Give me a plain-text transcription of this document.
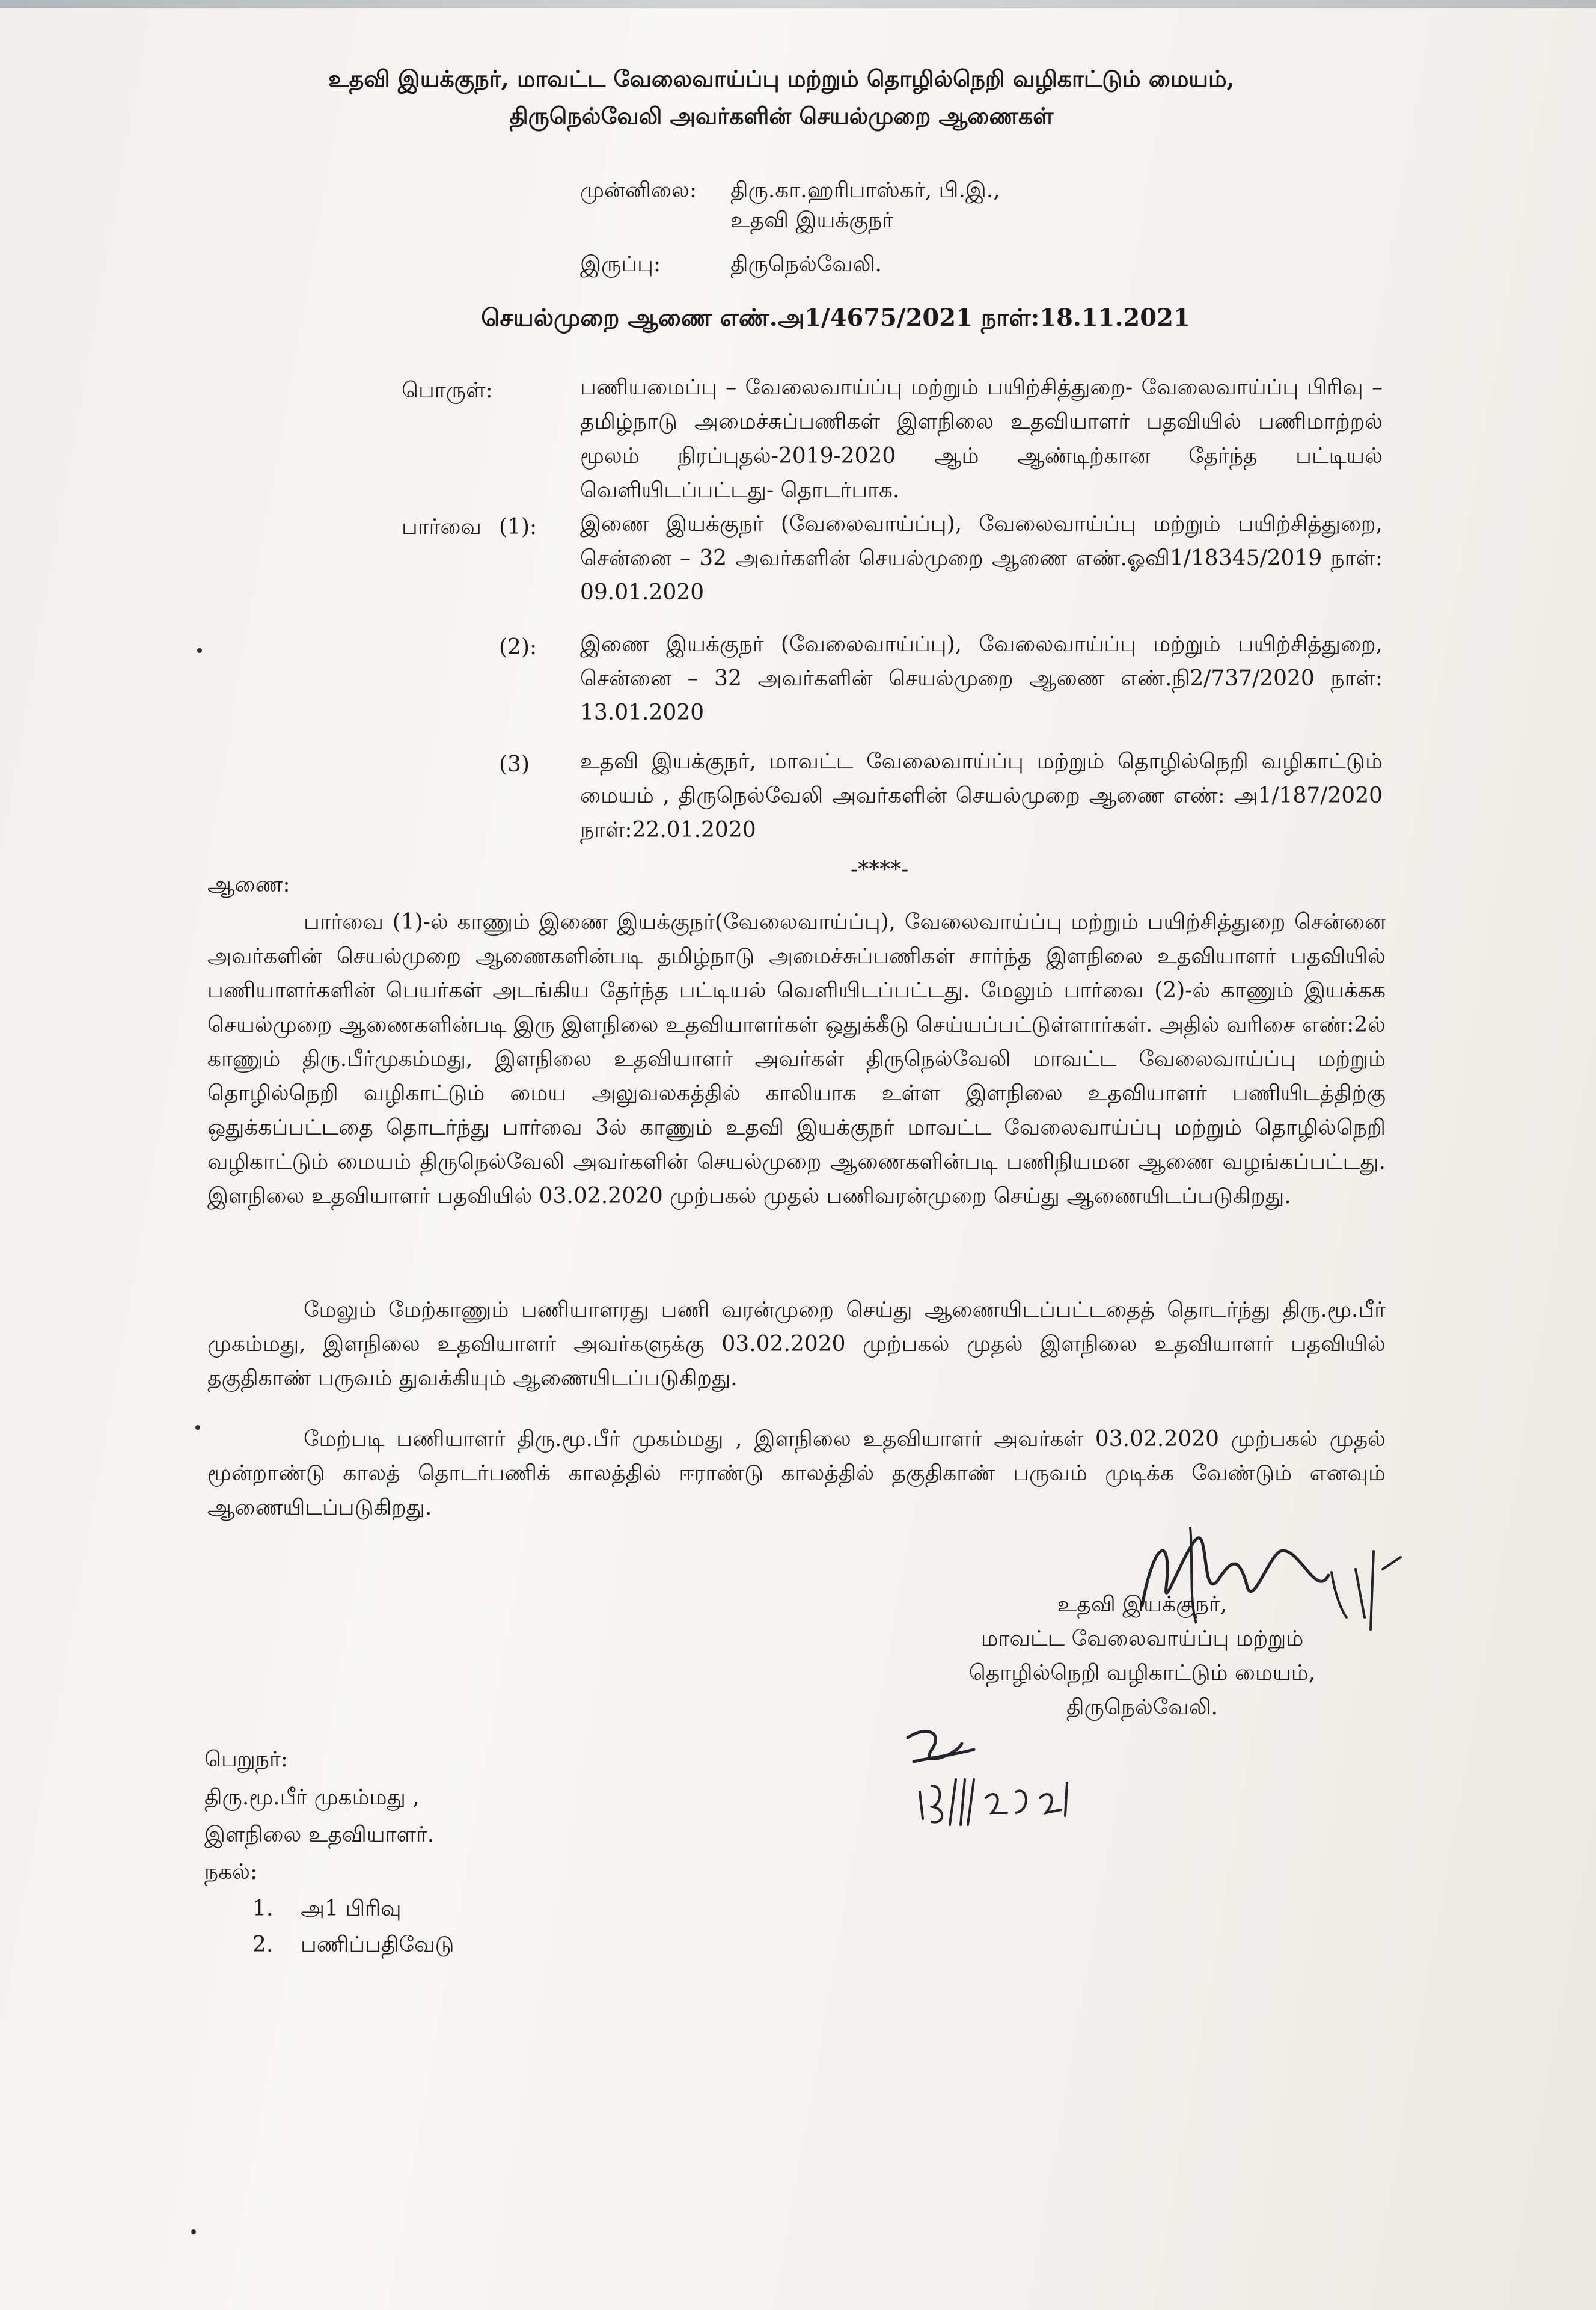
உதவி இயக்குநர், மாவட்ட வேலைவாய்ப்பு மற்றும் தொழில்நெறி வழிகாட்டும் மையம்,
திருநெல்வேலி அவர்களின் செயல்முறை ஆணைகள்
முன்னிலை: திரு.கா.ஹரிபாஸ்கர், பி.இ.,
உதவி இயக்குநர்
இருப்பு:	திருநெல்வேலி.
செயல்முறை ஆணை எண்.அ1/4675/2021 நாள்:18.11.2021
பொருள்:	பணியமைப்பு – வேலைவாய்ப்பு மற்றும் பயிற்சித்துறை- வேலைவாய்ப்பு பிரிவு – தமிழ்நாடு அமைச்சுப்பணிகள் இளநிலை உதவியாளர் பதவியில் பணிமாற்றல் மூலம் நிரப்புதல்-2019-2020 ஆம் ஆண்டிற்கான தேர்ந்த பட்டியல் வெளியிடப்பட்டது- தொடர்பாக.
பார்வை (1): இணை இயக்குநர் (வேலைவாய்ப்பு), வேலைவாய்ப்பு மற்றும் பயிற்சித்துறை, சென்னை – 32 அவர்களின் செயல்முறை ஆணை எண்.ஓவி1/18345/2019 நாள்: 09.01.2020
(2): இணை இயக்குநர் (வேலைவாய்ப்பு), வேலைவாய்ப்பு மற்றும் பயிற்சித்துறை, சென்னை – 32 அவர்களின் செயல்முறை ஆணை எண்.நி2/737/2020 நாள்: 13.01.2020
(3) உதவி இயக்குநர், மாவட்ட வேலைவாய்ப்பு மற்றும் தொழில்நெறி வழிகாட்டும் மையம் , திருநெல்வேலி அவர்களின் செயல்முறை ஆணை எண்: அ1/187/2020 நாள்:22.01.2020
-****-
ஆணை:
பார்வை (1)-ல் காணும் இணை இயக்குநர்(வேலைவாய்ப்பு), வேலைவாய்ப்பு மற்றும் பயிற்சித்துறை சென்னை அவர்களின் செயல்முறை ஆணைகளின்படி தமிழ்நாடு அமைச்சுப்பணிகள் சார்ந்த இளநிலை உதவியாளர் பதவியில் பணியாளர்களின் பெயர்கள் அடங்கிய தேர்ந்த பட்டியல் வெளியிடப்பட்டது. மேலும் பார்வை (2)-ல் காணும் இயக்கக செயல்முறை ஆணைகளின்படி இரு இளநிலை உதவியாளர்கள் ஒதுக்கீடு செய்யப்பட்டுள்ளார்கள். அதில் வரிசை எண்:2ல் காணும் திரு.பீர்முகம்மது, இளநிலை உதவியாளர் அவர்கள் திருநெல்வேலி மாவட்ட வேலைவாய்ப்பு மற்றும் தொழில்நெறி வழிகாட்டும் மைய அலுவலகத்தில் காலியாக உள்ள இளநிலை உதவியாளர் பணியிடத்திற்கு ஒதுக்கப்பட்டதை தொடர்ந்து பார்வை 3ல் காணும் உதவி இயக்குநர் மாவட்ட வேலைவாய்ப்பு மற்றும் தொழில்நெறி வழிகாட்டும் மையம் திருநெல்வேலி அவர்களின் செயல்முறை ஆணைகளின்படி பணிநியமன ஆணை வழங்கப்பட்டது. இளநிலை உதவியாளர் பதவியில் 03.02.2020 முற்பகல் முதல் பணிவரன்முறை செய்து ஆணையிடப்படுகிறது.
மேலும் மேற்காணும் பணியாளரது பணி வரன்முறை செய்து ஆணையிடப்பட்டதைத் தொடர்ந்து திரு.மூ.பீர் முகம்மது, இளநிலை உதவியாளர் அவர்களுக்கு 03.02.2020 முற்பகல் முதல் இளநிலை உதவியாளர் பதவியில் தகுதிகாண் பருவம் துவக்கியும் ஆணையிடப்படுகிறது.
மேற்படி பணியாளர் திரு.மூ.பீர் முகம்மது , இளநிலை உதவியாளர் அவர்கள் 03.02.2020 முற்பகல் முதல் மூன்றாண்டு காலத் தொடர்பணிக் காலத்தில் ஈராண்டு காலத்தில் தகுதிகாண் பருவம் முடிக்க வேண்டும் எனவும் ஆணையிடப்படுகிறது.
உதவி இயக்குநர்,
மாவட்ட வேலைவாய்ப்பு மற்றும்
தொழில்நெறி வழிகாட்டும் மையம்,
திருநெல்வேலி.
பெறுநர்:
திரு.மூ.பீர் முகம்மது ,
இளநிலை உதவியாளர்.
நகல்:
1. அ1 பிரிவு
2. பணிப்பதிவேடு
